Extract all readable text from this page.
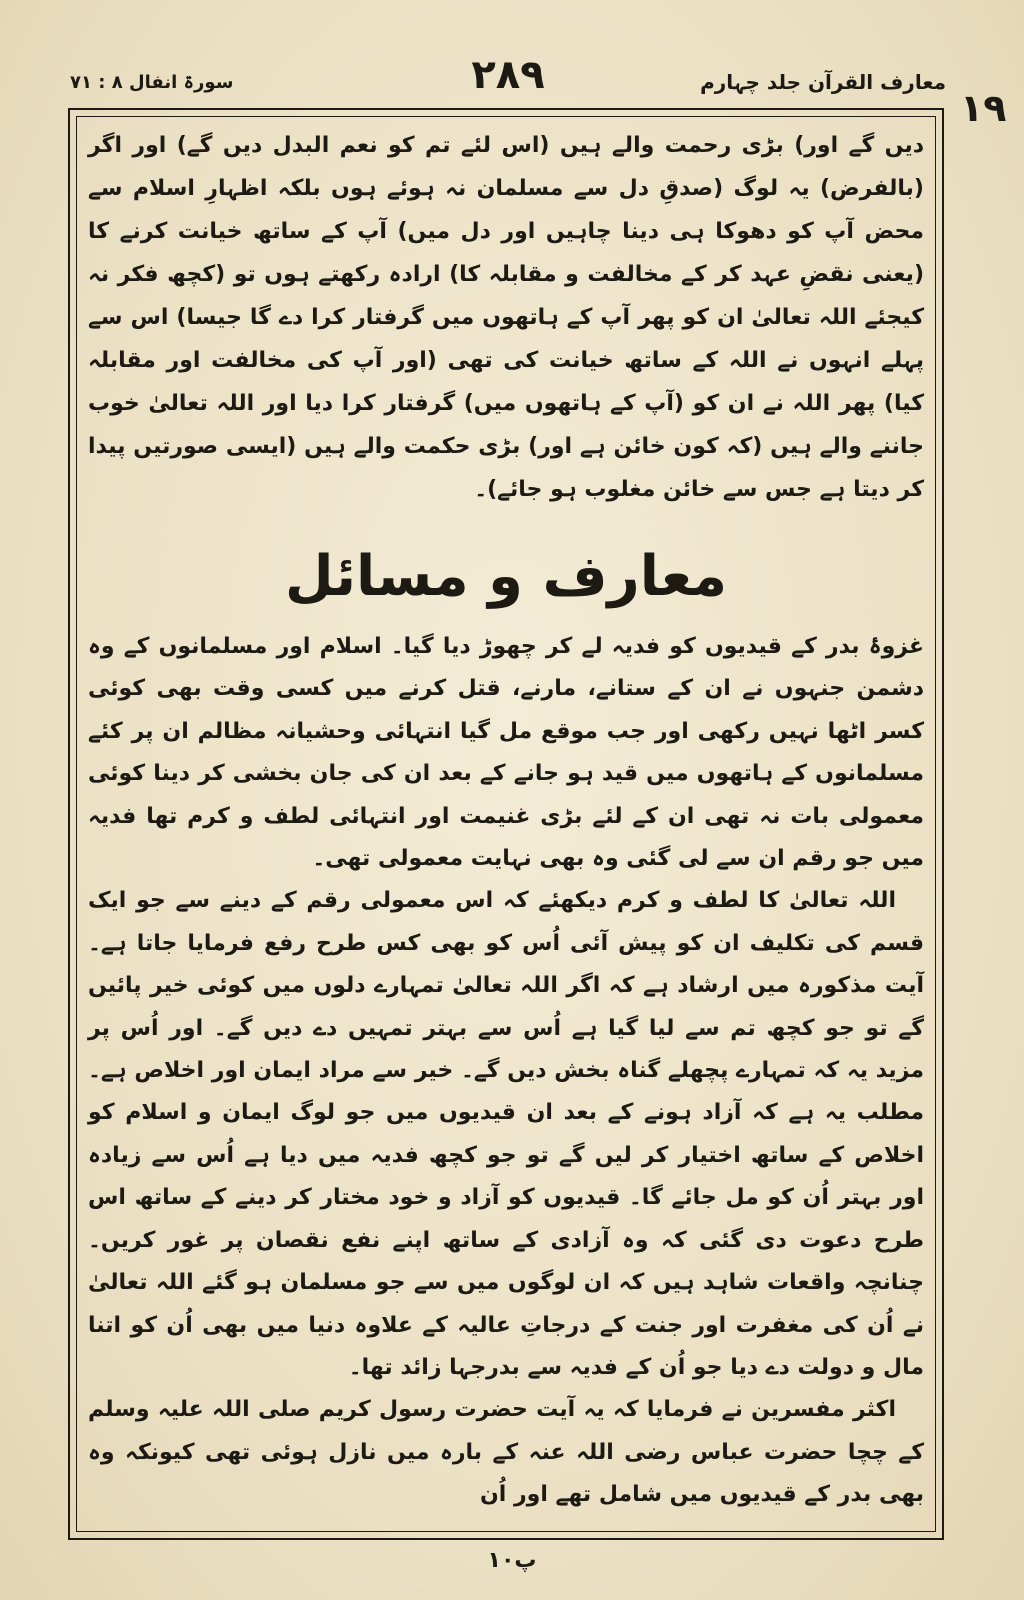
معارف القرآن جلد چہارم
۲۸۹
سورۃ انفال ۸ : ۷۱
۱۹

دیں گے اور) بڑی رحمت والے ہیں (اس لئے تم کو نعم البدل دیں گے) اور اگر (بالفرض) یہ لوگ (صدقِ دل سے مسلمان نہ ہوئے ہوں بلکہ اظہارِ اسلام سے محض آپ کو دھوکا ہی دینا چاہیں اور دل میں) آپ کے ساتھ خیانت کرنے کا (یعنی نقضِ عہد کر کے مخالفت و مقابلہ کا) ارادہ رکھتے ہوں تو (کچھ فکر نہ کیجئے اللہ تعالیٰ ان کو پھر آپ کے ہاتھوں میں گرفتار کرا دے گا جیسا) اس سے پہلے انہوں نے اللہ کے ساتھ خیانت کی تھی (اور آپ کی مخالفت اور مقابلہ کیا) پھر اللہ نے ان کو (آپ کے ہاتھوں میں) گرفتار کرا دیا اور اللہ تعالیٰ خوب جاننے والے ہیں (کہ کون خائن ہے اور) بڑی حکمت والے ہیں (ایسی صورتیں پیدا کر دیتا ہے جس سے خائن مغلوب ہو جائے)۔

معارف و مسائل

غزوۂ بدر کے قیدیوں کو فدیہ لے کر چھوڑ دیا گیا۔ اسلام اور مسلمانوں کے وہ دشمن جنہوں نے ان کے ستانے، مارنے، قتل کرنے میں کسی وقت بھی کوئی کسر اٹھا نہیں رکھی اور جب موقع مل گیا انتہائی وحشیانہ مظالم ان پر کئے مسلمانوں کے ہاتھوں میں قید ہو جانے کے بعد ان کی جان بخشی کر دینا کوئی معمولی بات نہ تھی ان کے لئے بڑی غنیمت اور انتہائی لطف و کرم تھا فدیہ میں جو رقم ان سے لی گئی وہ بھی نہایت معمولی تھی۔

اللہ تعالیٰ کا لطف و کرم دیکھئے کہ اس معمولی رقم کے دینے سے جو ایک قسم کی تکلیف ان کو پیش آئی اُس کو بھی کس طرح رفع فرمایا جاتا ہے۔ آیت مذکورہ میں ارشاد ہے کہ اگر اللہ تعالیٰ تمہارے دلوں میں کوئی خیر پائیں گے تو جو کچھ تم سے لیا گیا ہے اُس سے بہتر تمہیں دے دیں گے۔ اور اُس پر مزید یہ کہ تمہارے پچھلے گناہ بخش دیں گے۔ خیر سے مراد ایمان اور اخلاص ہے۔ مطلب یہ ہے کہ آزاد ہونے کے بعد ان قیدیوں میں جو لوگ ایمان و اسلام کو اخلاص کے ساتھ اختیار کر لیں گے تو جو کچھ فدیہ میں دیا ہے اُس سے زیادہ اور بہتر اُن کو مل جائے گا۔ قیدیوں کو آزاد و خود مختار کر دینے کے ساتھ اس طرح دعوت دی گئی کہ وہ آزادی کے ساتھ اپنے نفع نقصان پر غور کریں۔ چنانچہ واقعات شاہد ہیں کہ ان لوگوں میں سے جو مسلمان ہو گئے اللہ تعالیٰ نے اُن کی مغفرت اور جنت کے درجاتِ عالیہ کے علاوہ دنیا میں بھی اُن کو اتنا مال و دولت دے دیا جو اُن کے فدیہ سے بدرجہا زائد تھا۔

اکثر مفسرین نے فرمایا کہ یہ آیت حضرت رسول کریم صلی اللہ علیہ وسلم کے چچا حضرت عباس رضی اللہ عنہ کے بارہ میں نازل ہوئی تھی کیونکہ وہ بھی بدر کے قیدیوں میں شامل تھے اور اُن

پ۱۰
